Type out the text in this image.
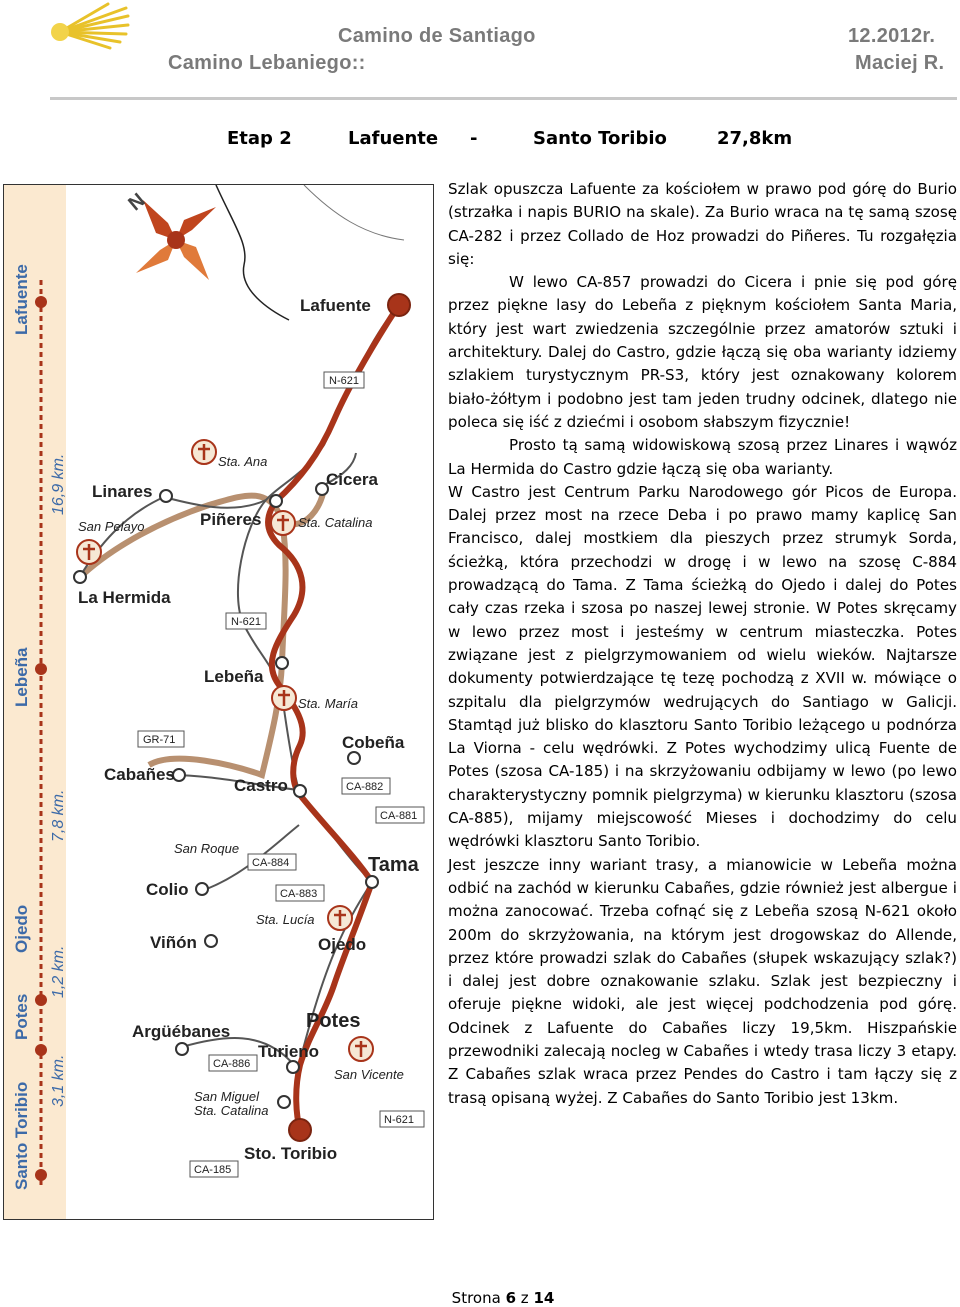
Camino de Santiago
Camino Lebaniego::
12.2012r.
Maciej R.
Etap 2	Lafuente -	Santo Toribio	27,8km
Lafuente
Lebeña
Ojedo
Potes
Santo Toribio
16,9 km.
7,8 km.
1,2 km.
3,1 km.
N
Lafuente
Cicera
Linares
Piñeres
La Hermida
Lebeña
Cobeña
Cabañes
Castro
Tama
Colio
Viñón	Ojedo
Potes
Argüébanes
Turieno
Sto. Toribio
Sta. Ana
Sta. Catalina
San Pelayo
Sta. María
San Roque
Sta. Lucía
San Vicente
San Miguel
Sta. Catalina
N-621
N-621
GR-71
CA-882
CA-881
CA-884
CA-883
CA-886
N-621
CA-185

Szlak opuszcza Lafuente za kościołem w prawo pod górę do Burio (strzałka i napis BURIO na skale). Za Burio wraca na tę samą szosę CA-282 i przez Collado de Hoz prowadzi do Piñeres. Tu rozgałęzia się:

W lewo CA-857 prowadzi do Cicera i pnie się pod górę przez piękne lasy do Lebeña z pięknym kościołem Santa Maria, który jest wart zwiedzenia szczególnie przez amatorów sztuki i architektury. Dalej do Castro, gdzie łączą się oba warianty idziemy szlakiem turystycznym PR-S3, który jest oznakowany kolorem biało-żółtym i podobno jest tam jeden trudny odcinek, dlatego nie poleca się iść z dziećmi i osobom słabszym fizycznie!

Prosto tą samą widowiskową szosą przez Linares i wąwóz La Hermida do Castro gdzie łączą się oba warianty.

W Castro jest Centrum Parku Narodowego gór Picos de Europa. Dalej przez most na rzece Deba i po prawo mamy kaplicę San Francisco, dalej mostkiem dla pieszych przez strumyk Sorda, ścieżką, która przechodzi w drogę i w lewo na szosę C-884 prowadzącą do Tama. Z Tama ścieżką do Ojedo i dalej do Potes cały czas rzeka i szosa po naszej lewej stronie. W Potes skręcamy w lewo przez most i jesteśmy w centrum miasteczka. Potes związane jest z pielgrzymowaniem od wielu wieków. Najtarsze dokumenty potwierdzające tę tezę pochodzą z XVII w. mówiące o szpitalu dla pielgrzymów wedrujących do Santiago w Galicji. Stamtąd już blisko do klasztoru Santo Toribio leżącego u podnórza La Viorna - celu wędrówki. Z Potes wychodzimy ulicą Fuente de Potes (szosa CA-185) i na skrzyżowaniu odbijamy w lewo (po lewo charakterystyczny pomnik pielgrzyma) w kierunku klasztoru (szosa CA-885), mijamy miejscowość Mieses i dochodzimy do celu wędrówki klasztoru Santo Toribio.

Jest jeszcze inny wariant trasy, a mianowicie w Lebeña można odbić na zachód w kierunku Cabañes, gdzie również jest albergue i można zanocować. Trzeba cofnąć się z Lebeña szosą N-621 około 200m do skrzyżowania, na którym jest drogowskaz do Allende, przez które prowadzi szlak do Cabañes (słupek wskazujący szlak?) i dalej jest dobre oznakowanie szlaku. Szlak jest bezpieczny i oferuje piękne widoki, ale jest więcej podchodzenia pod górę. Odcinek z Lafuente do Cabañes liczy 19,5km. Hiszpańskie przewodniki zalecają nocleg w Cabañes i wtedy trasa liczy 3 etapy. Z Cabañes szlak wraca przez Pendes do Castro i tam łączy się z trasą opisaną wyżej. Z Cabañes do Santo Toribio jest 13km.

Strona 6 z 14
